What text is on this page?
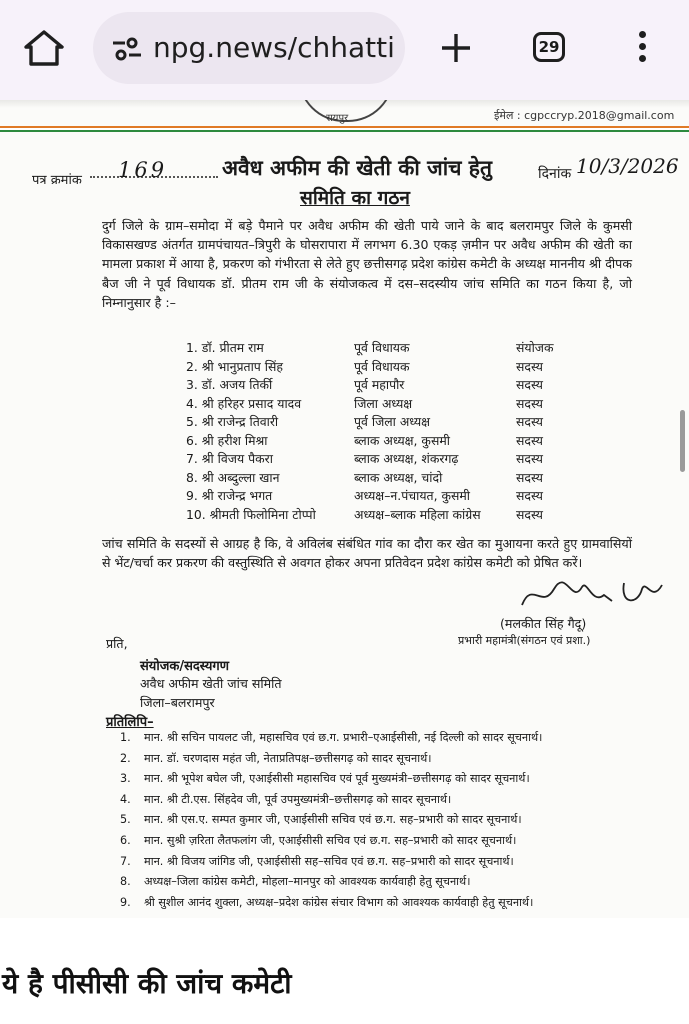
npg.news/chhatti	29
रायपुर	ईमेल : cgpccryp.2018@gmail.com
पत्र क्रमांक 169	अवैध अफीम की खेती की जांच हेतु	दिनांक 10/3/2026
समिति का गठन
दुर्ग जिले के ग्राम–समोदा में बड़े पैमाने पर अवैध अफीम की खेती पाये जाने के बाद बलरामपुर जिले के कुमसी विकासखण्ड अंतर्गत ग्रामपंचायत–त्रिपुरी के घोसरापारा में लगभग 6.30 एकड़ ज़मीन पर अवैध अफीम की खेती का मामला प्रकाश में आया है, प्रकरण को गंभीरता से लेते हुए छत्तीसगढ़ प्रदेश कांग्रेस कमेटी के अध्यक्ष माननीय श्री दीपक बैज जी ने पूर्व विधायक डॉ. प्रीतम राम जी के संयोजकत्व में दस–सदस्यीय जांच समिति का गठन किया है, जो निम्नानुसार है :–
1. डॉ. प्रीतम राम	पूर्व विधायक	संयोजक
2. श्री भानुप्रताप सिंह	पूर्व विधायक	सदस्य
3. डॉ. अजय तिर्की	पूर्व महापौर	सदस्य
4. श्री हरिहर प्रसाद यादव	जिला अध्यक्ष	सदस्य
5. श्री राजेन्द्र तिवारी	पूर्व जिला अध्यक्ष	सदस्य
6. श्री हरीश मिश्रा	ब्लाक अध्यक्ष, कुसमी	सदस्य
7. श्री विजय पैकरा	ब्लाक अध्यक्ष, शंकरगढ़	सदस्य
8. श्री अब्दुल्ला खान	ब्लाक अध्यक्ष, चांदो	सदस्य
9. श्री राजेन्द्र भगत	अध्यक्ष–न.पंचायत, कुसमी	सदस्य
10. श्रीमती फिलोमिना टोप्पो	अध्यक्ष–ब्लाक महिला कांग्रेस	सदस्य
जांच समिति के सदस्यों से आग्रह है कि, वे अविलंब संबंधित गांव का दौरा कर खेत का मुआयना करते हुए ग्रामवासियों से भेंट/चर्चा कर प्रकरण की वस्तुस्थिति से अवगत होकर अपना प्रतिवेदन प्रदेश कांग्रेस कमेटी को प्रेषित करें।
(मलकीत सिंह गैदू)
प्रभारी महामंत्री(संगठन एवं प्रशा.)
प्रति,
संयोजक/सदस्यगण
अवैध अफीम खेती जांच समिति
जिला–बलरामपुर
प्रतिलिपि–
1. मान. श्री सचिन पायलट जी, महासचिव एवं छ.ग. प्रभारी–एआईसीसी, नई दिल्ली को सादर सूचनार्थ।
2. मान. डॉ. चरणदास महंत जी, नेताप्रतिपक्ष–छत्तीसगढ़ को सादर सूचनार्थ।
3. मान. श्री भूपेश बघेल जी, एआईसीसी महासचिव एवं पूर्व मुख्यमंत्री–छत्तीसगढ़ को सादर सूचनार्थ।
4. मान. श्री टी.एस. सिंहदेव जी, पूर्व उपमुख्यमंत्री–छत्तीसगढ़ को सादर सूचनार्थ।
5. मान. श्री एस.ए. सम्पत कुमार जी, एआईसीसी सचिव एवं छ.ग. सह–प्रभारी को सादर सूचनार्थ।
6. मान. सुश्री ज़रिता लैतफलांग जी, एआईसीसी सचिव एवं छ.ग. सह–प्रभारी को सादर सूचनार्थ।
7. मान. श्री विजय जांगिड जी, एआईसीसी सह–सचिव एवं छ.ग. सह–प्रभारी को सादर सूचनार्थ।
8. अध्यक्ष–जिला कांग्रेस कमेटी, मोहला–मानपुर को आवश्यक कार्यवाही हेतु सूचनार्थ।
9. श्री सुशील आनंद शुक्ला, अध्यक्ष–प्रदेश कांग्रेस संचार विभाग को आवश्यक कार्यवाही हेतु सूचनार्थ।
ये है पीसीसी की जांच कमेटी
